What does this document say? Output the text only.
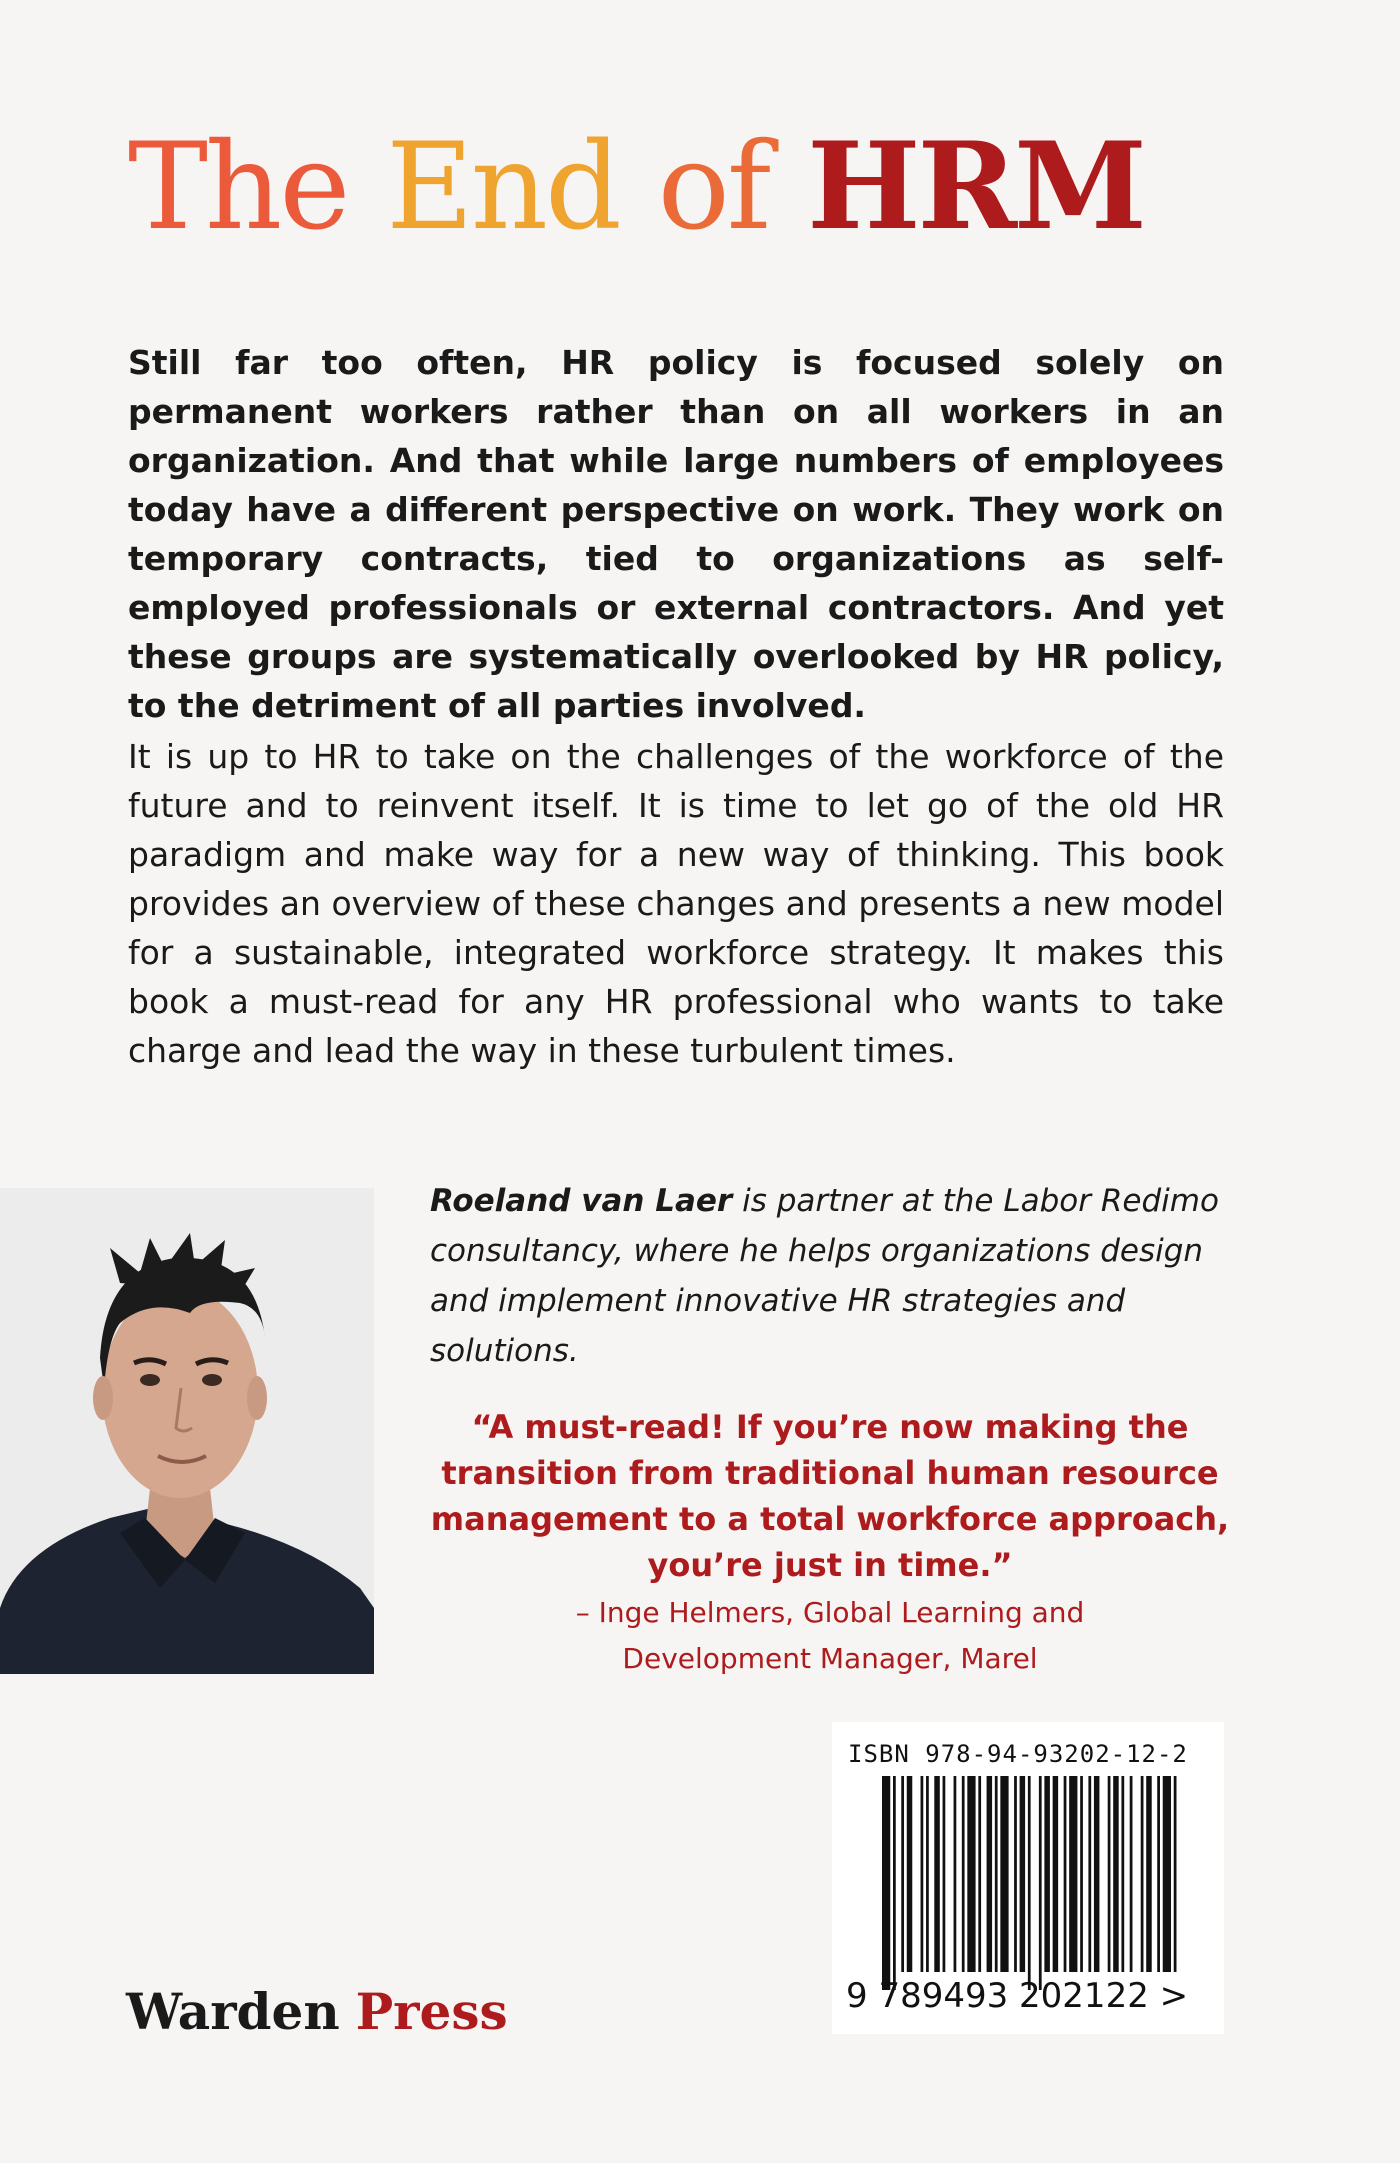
The End of HRM

Still far too often, HR policy is focused solely on permanent workers rather than on all workers in an organization. And that while large numbers of employees today have a different perspective on work. They work on temporary contracts, tied to organizations as self-employed professionals or external contractors. And yet these groups are systematically overlooked by HR policy, to the detriment of all parties involved.

It is up to HR to take on the challenges of the workforce of the future and to reinvent itself. It is time to let go of the old HR paradigm and make way for a new way of thinking. This book provides an overview of these changes and presents a new model for a sustainable, integrated workforce strategy. It makes this book a must-read for any HR professional who wants to take charge and lead the way in these turbulent times.

Roeland van Laer is partner at the Labor Redimo consultancy, where he helps organizations design and implement innovative HR strategies and solutions.

“A must-read! If you’re now making the transition from traditional human resource management to a total workforce approach, you’re just in time.”
– Inge Helmers, Global Learning and
Development Manager, Marel
ISBN 978-94-93202-12-2
9 789493 202122 >
Warden Press
